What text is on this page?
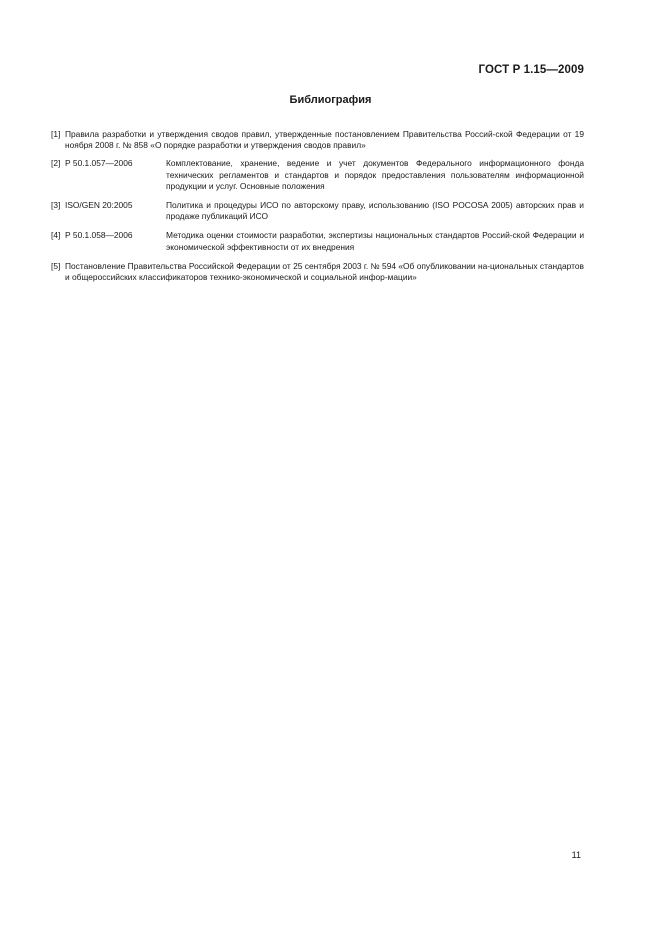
ГОСТ Р 1.15—2009
Библиография
[1] Правила разработки и утверждения сводов правил, утвержденные постановлением Правительства Россий-ской Федерации от 19 ноября 2008 г. № 858 «О порядке разработки и утверждения сводов правил»
[2] Р 50.1.057—2006	Комплектование, хранение, ведение и учет документов Федерального информационного фонда технических регламентов и стандартов и порядок предоставления пользователям информационной продукции и услуг. Основные положения
[3] ISO/GEN 20:2005	Политика и процедуры ИСО по авторскому праву, использованию (ISO POCOSA 2005) авторских прав и продаже публикаций ИСО
[4] Р 50.1.058—2006	Методика оценки стоимости разработки, экспертизы национальных стандартов Россий-ской Федерации и экономической эффективности от их внедрения
[5] Постановление Правительства Российской Федерации от 25 сентября 2003 г. № 594 «Об опубликовании на-циональных стандартов и общероссийских классификаторов технико-экономической и социальной инфор-мации»
11
